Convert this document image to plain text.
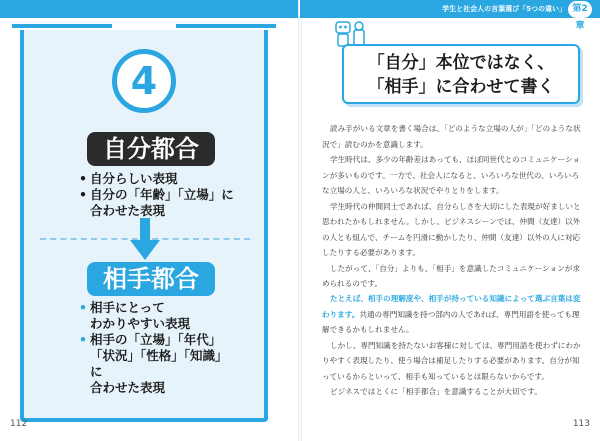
4
自分都合
• 自分らしい表現
• 自分の「年齢」「立場」に
合わせた表現
相手都合
• 相手にとって
わかりやすい表現
• 相手の「立場」「年代」
「状況」「性格」「知識」に
合わせた表現
112
学生と社会人の言葉選び「5つの違い」 第2章
「自分」本位ではなく、
「相手」に合わせて書く

読み手がいる文章を書く場合は、「どのような立場の人が」「どのような状況で」読むのかを意識します。

学生時代は、多少の年齢差はあっても、ほぼ同世代とのコミュニケーションが多いものです。一方で、社会人になると、いろいろな世代の、いろいろな立場の人と、いろいろな状況でやりとりをします。

学生時代の仲間同士であれば、自分らしさを大切にした表現が好ましいと思われたかもしれません。しかし、ビジネスシーンでは、仲間（友達）以外の人とも組んで、チームを円滑に動かしたり、仲間（友達）以外の人に対応したりする必要があります。

したがって、「自分」よりも、「相手」を意識したコミュニケーションが求められるのです。

たとえば、相手の理解度や、相手が持っている知識によって選ぶ言葉は変わります。共通の専門知識を持つ部内の人であれば、専門用語を使っても理解できるかもしれません。

しかし、専門知識を持たないお客様に対しては、専門用語を使わずにわかりやすく表現したり、使う場合は補足したりする必要があります。自分が知っているからといって、相手も知っているとは限らないからです。

ビジネスではとくに「相手都合」を意識することが大切です。

113
